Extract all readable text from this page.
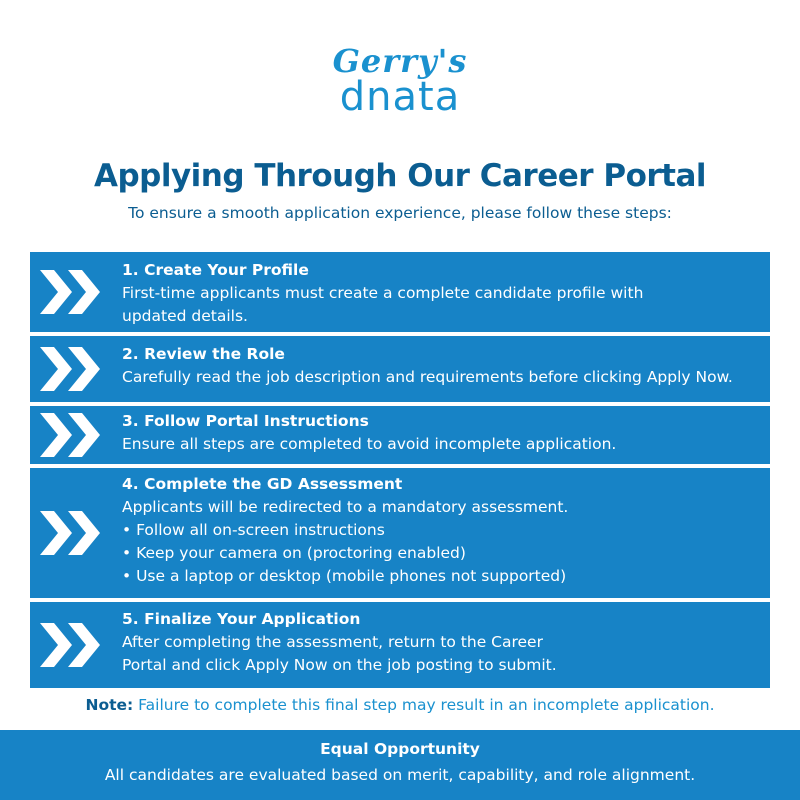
Gerry's
dnata
Applying Through Our Career Portal

To ensure a smooth application experience, please follow these steps:

1. Create Your Profile
First-time applicants must create a complete candidate profile with
updated details.
2. Review the Role
Carefully read the job description and requirements before clicking Apply Now.
3. Follow Portal Instructions
Ensure all steps are completed to avoid incomplete application.
4. Complete the GD Assessment
Applicants will be redirected to a mandatory assessment.
• Follow all on-screen instructions
• Keep your camera on (proctoring enabled)
• Use a laptop or desktop (mobile phones not supported)
5. Finalize Your Application
After completing the assessment, return to the Career
Portal and click Apply Now on the job posting to submit.

Note: Failure to complete this final step may result in an incomplete application.

Equal Opportunity
All candidates are evaluated based on merit, capability, and role alignment.
